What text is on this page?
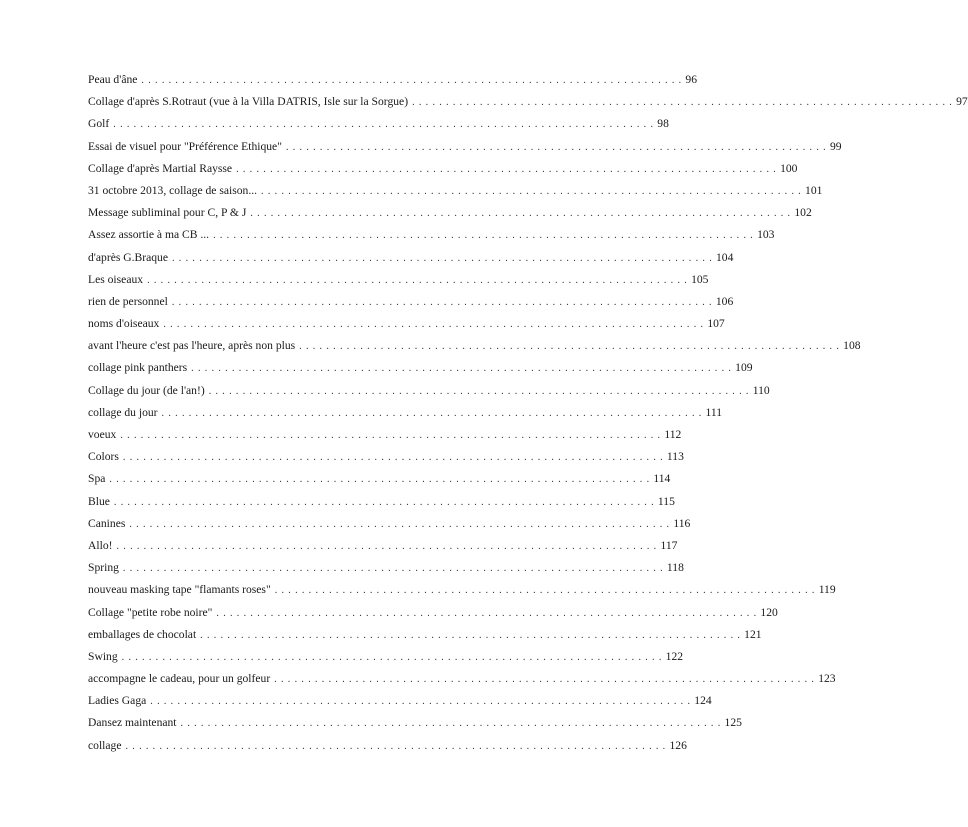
Peau d'âne ................................................................................ 96
Collage d'après S.Rotraut (vue à la Villa DATRIS, Isle sur la Sorgue) ................................................................................ 97
Golf ................................................................................ 98
Essai de visuel pour "Préférence Ethique" ................................................................................ 99
Collage d'après Martial Raysse ................................................................................ 100
31 octobre 2013, collage de saison... ................................................................................ 101
Message subliminal pour C, P & J ................................................................................ 102
Assez assortie à ma CB ... ................................................................................ 103
d'après G.Braque ................................................................................ 104
Les oiseaux ................................................................................ 105
rien de personnel ................................................................................ 106
noms d'oiseaux ................................................................................ 107
avant l'heure c'est pas l'heure, après non plus ................................................................................ 108
collage pink panthers ................................................................................ 109
Collage du jour (de l'an!) ................................................................................ 110
collage du jour ................................................................................ 111
voeux ................................................................................ 112
Colors ................................................................................ 113
Spa ................................................................................ 114
Blue ................................................................................ 115
Canines ................................................................................ 116
Allo! ................................................................................ 117
Spring ................................................................................ 118
nouveau masking tape "flamants roses" ................................................................................ 119
Collage "petite robe noire" ................................................................................ 120
emballages de chocolat ................................................................................ 121
Swing ................................................................................ 122
accompagne le cadeau, pour un golfeur ................................................................................ 123
Ladies Gaga ................................................................................ 124
Dansez maintenant ................................................................................ 125
collage ................................................................................ 126
